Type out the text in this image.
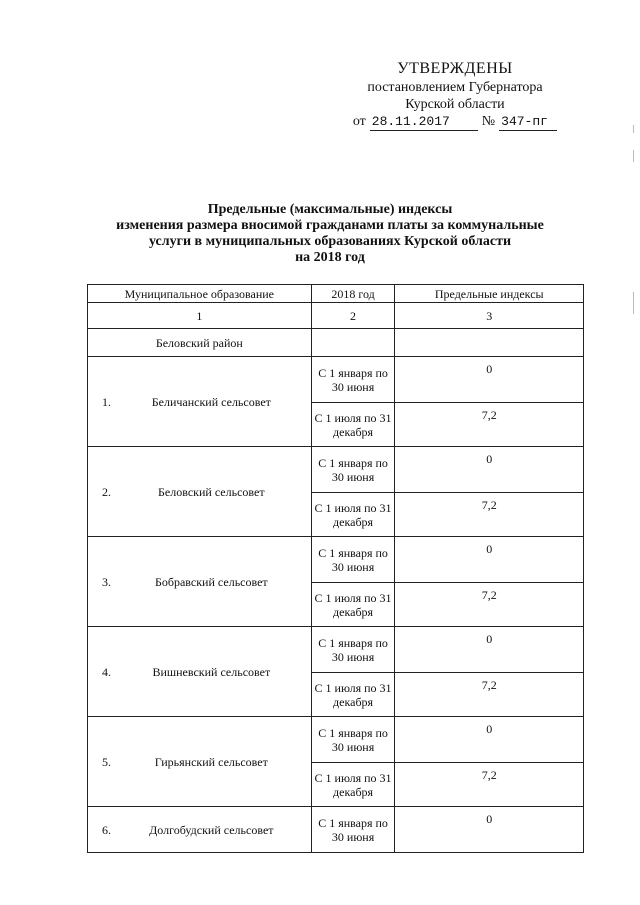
УТВЕРЖДЕНЫ
постановлением Губернатора
Курской области
от 28.11.2017	№ 347-пг
Предельные (максимальные) индексы
изменения размера вносимой гражданами платы за коммунальные
услуги в муниципальных образованиях Курской области
на 2018 год
Муниципальное образование	2018 год	Предельные индексы
1	2	3
Беловский район		

1. Беличанский сельсовет	С 1 января по 30 июня	0
	С 1 июля по 31 декабря	7,2

2. Беловский сельсовет	С 1 января по 30 июня	0
	С 1 июля по 31 декабря	7,2

3. Бобравский сельсовет	С 1 января по 30 июня	0
	С 1 июля по 31 декабря	7,2

4. Вишневский сельсовет	С 1 января по 30 июня	0
	С 1 июля по 31 декабря	7,2

5. Гирьянский сельсовет	С 1 января по 30 июня	0
	С 1 июля по 31 декабря	7,2

6. Долгобудский сельсовет	С 1 января по 30 июня	0
